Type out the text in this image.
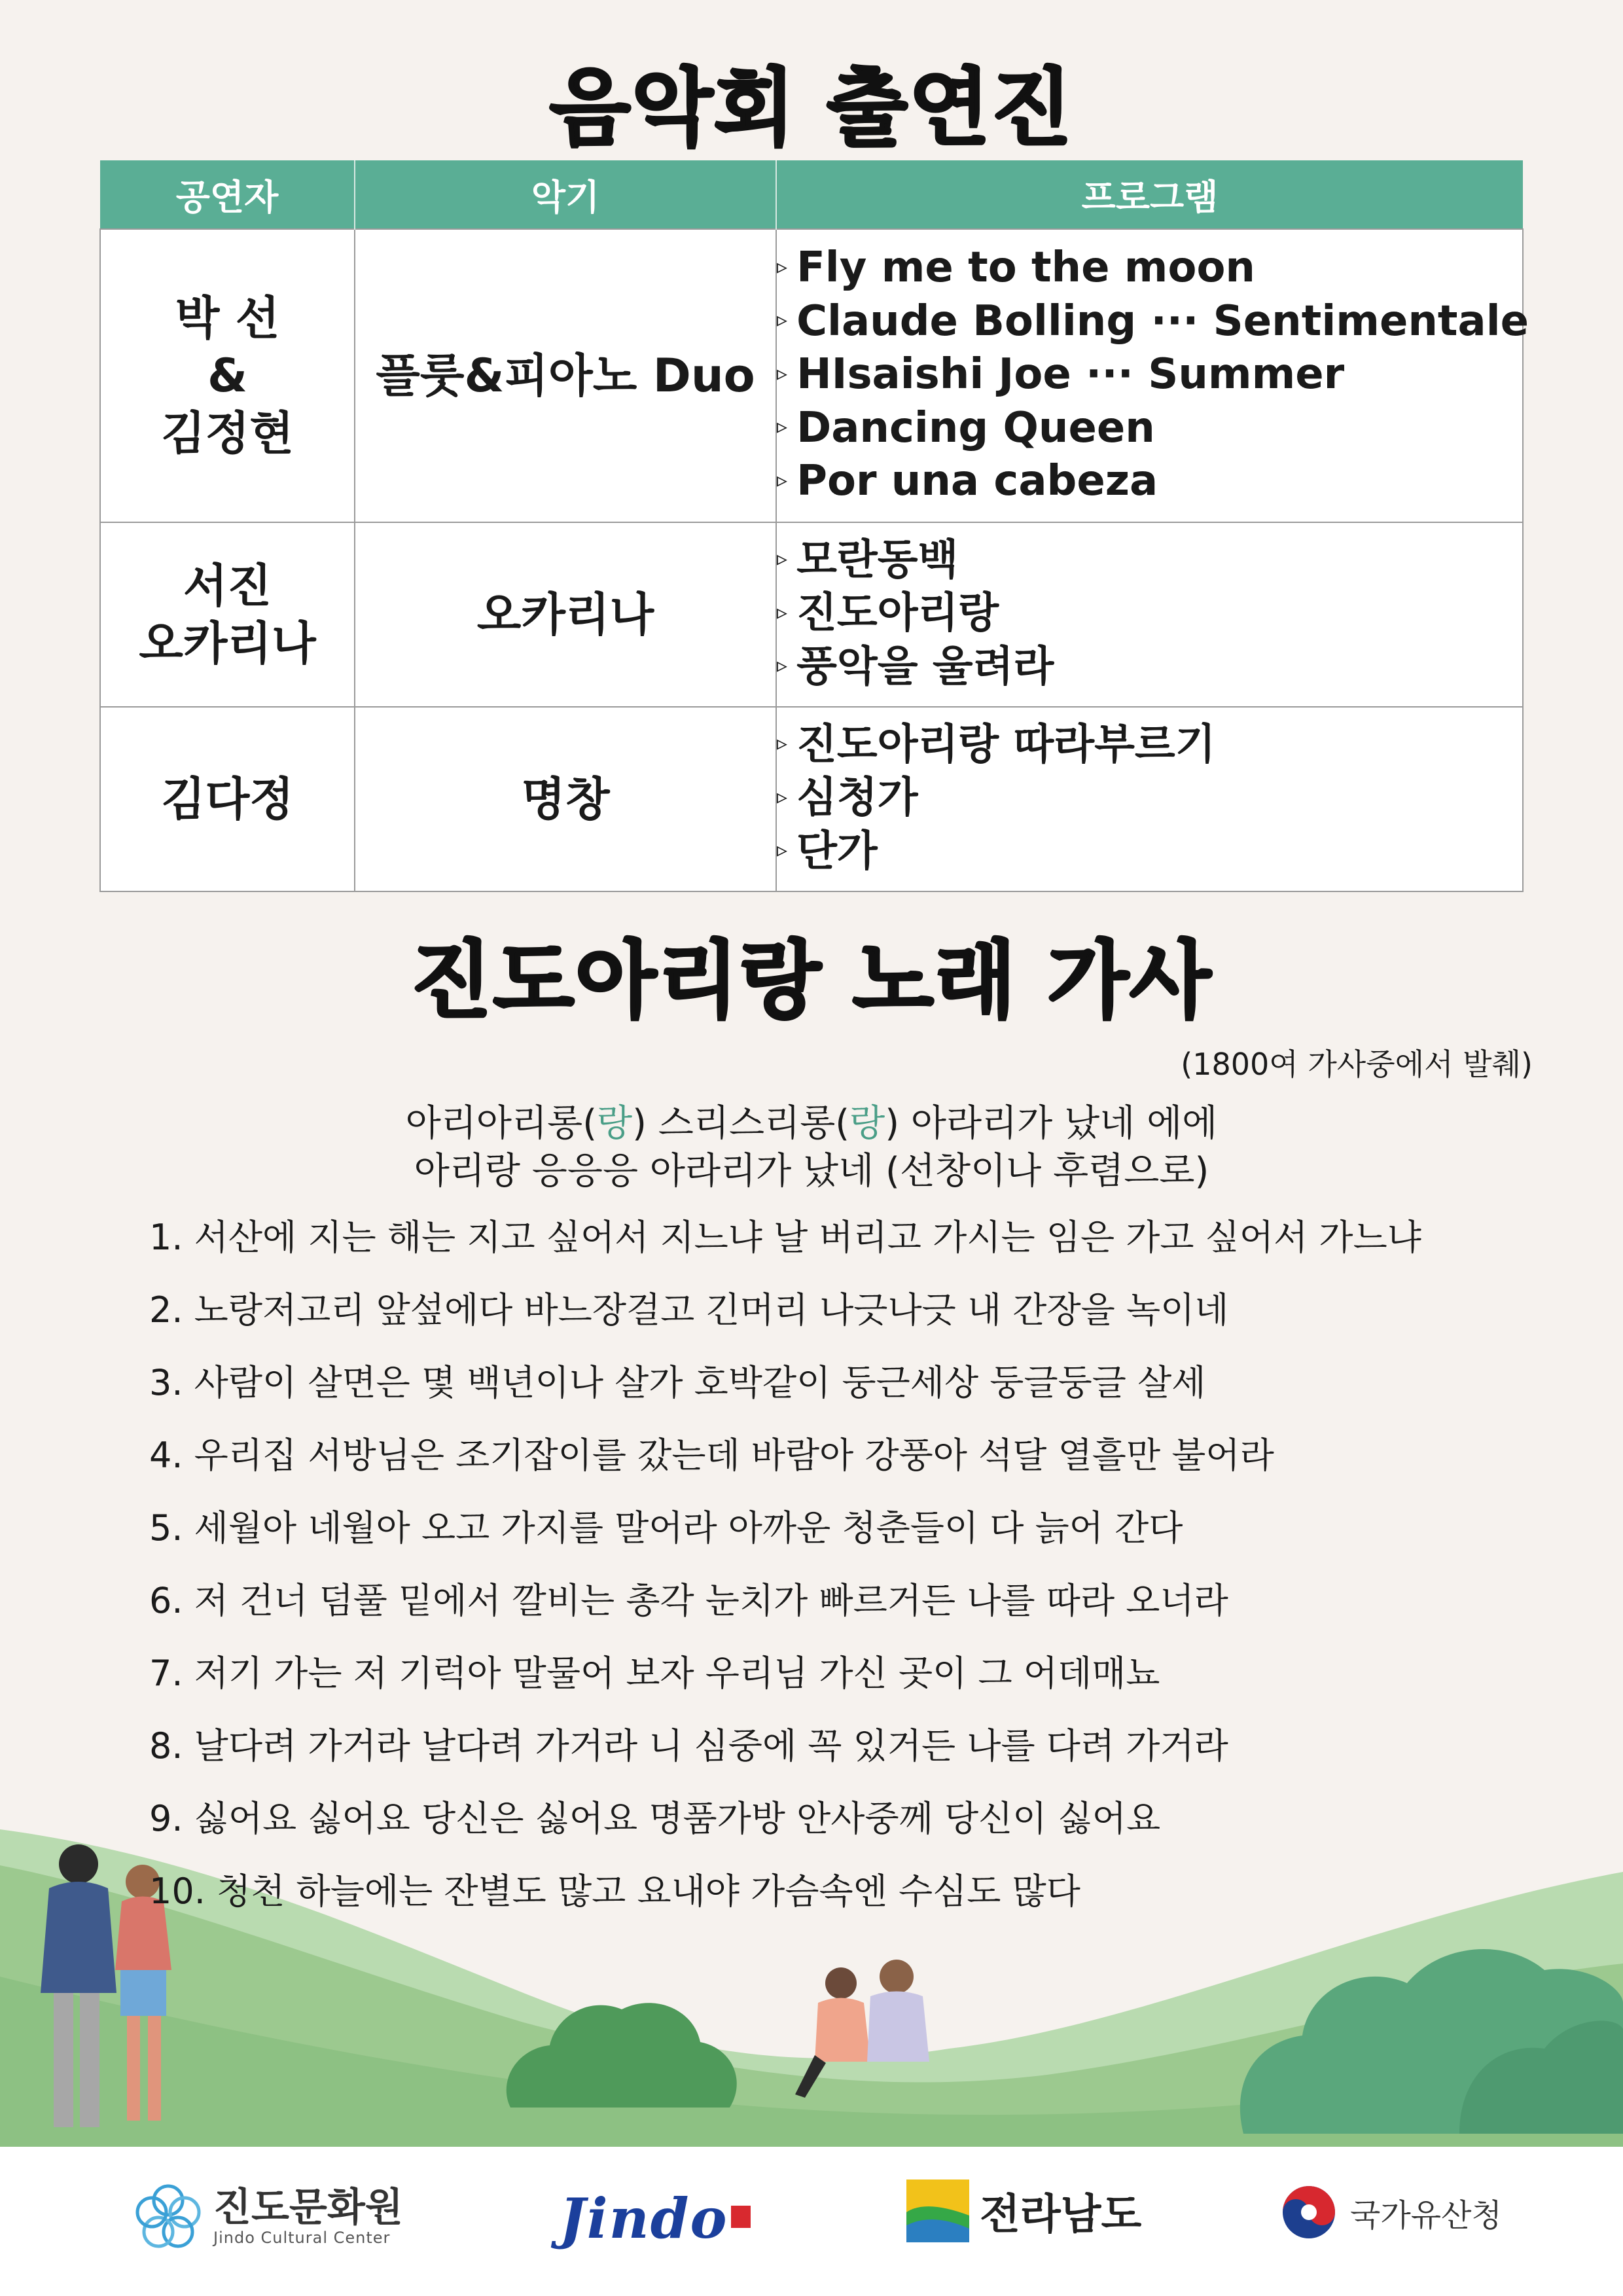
음악회 출연진
공연자	악기	프로그램

박 선
&
김정현	플룻&피아노 Duo	▹ Fly me to the moon
▹ Claude Bolling ··· Sentimentale
▹ HIsaishi Joe ··· Summer
▹ Dancing Queen
▹ Por una cabeza

서진
오카리나	오카리나	▹ 모란동백
▹ 진도아리랑
▹ 풍악을 울려라

김다정	명창	▹ 진도아리랑 따라부르기
▹ 심청가
▹ 단가
진도아리랑 노래 가사
(1800여 가사중에서 발췌)
아리아리롱(랑) 스리스리롱(랑) 아라리가 났네 에에
아리랑 응응응 아라리가 났네 (선창이나 후렴으로)
1. 서산에 지는 해는 지고 싶어서 지느냐 날 버리고 가시는 임은 가고 싶어서 가느냐
2. 노랑저고리 앞섶에다 바느장걸고 긴머리 나긋나긋 내 간장을 녹이네
3. 사람이 살면은 몇 백년이나 살가 호박같이 둥근세상 둥글둥글 살세
4. 우리집 서방님은 조기잡이를 갔는데 바람아 강풍아 석달 열흘만 불어라
5. 세월아 네월아 오고 가지를 말어라 아까운 청춘들이 다 늙어 간다
6. 저 건너 덤풀 밑에서 깔비는 총각 눈치가 빠르거든 나를 따라 오너라
7. 저기 가는 저 기럭아 말물어 보자 우리님 가신 곳이 그 어데매뇨
8. 날다려 가거라 날다려 가거라 니 심중에 꼭 있거든 나를 다려 가거라
9. 싫어요 싫어요 당신은 싫어요 명품가방 안사중께 당신이 싫어요
10. 청천 하늘에는 잔별도 많고 요내야 가슴속엔 수심도 많다
진도문화원
Jindo Cultural Center	Jindo	전라남도	국가유산청
